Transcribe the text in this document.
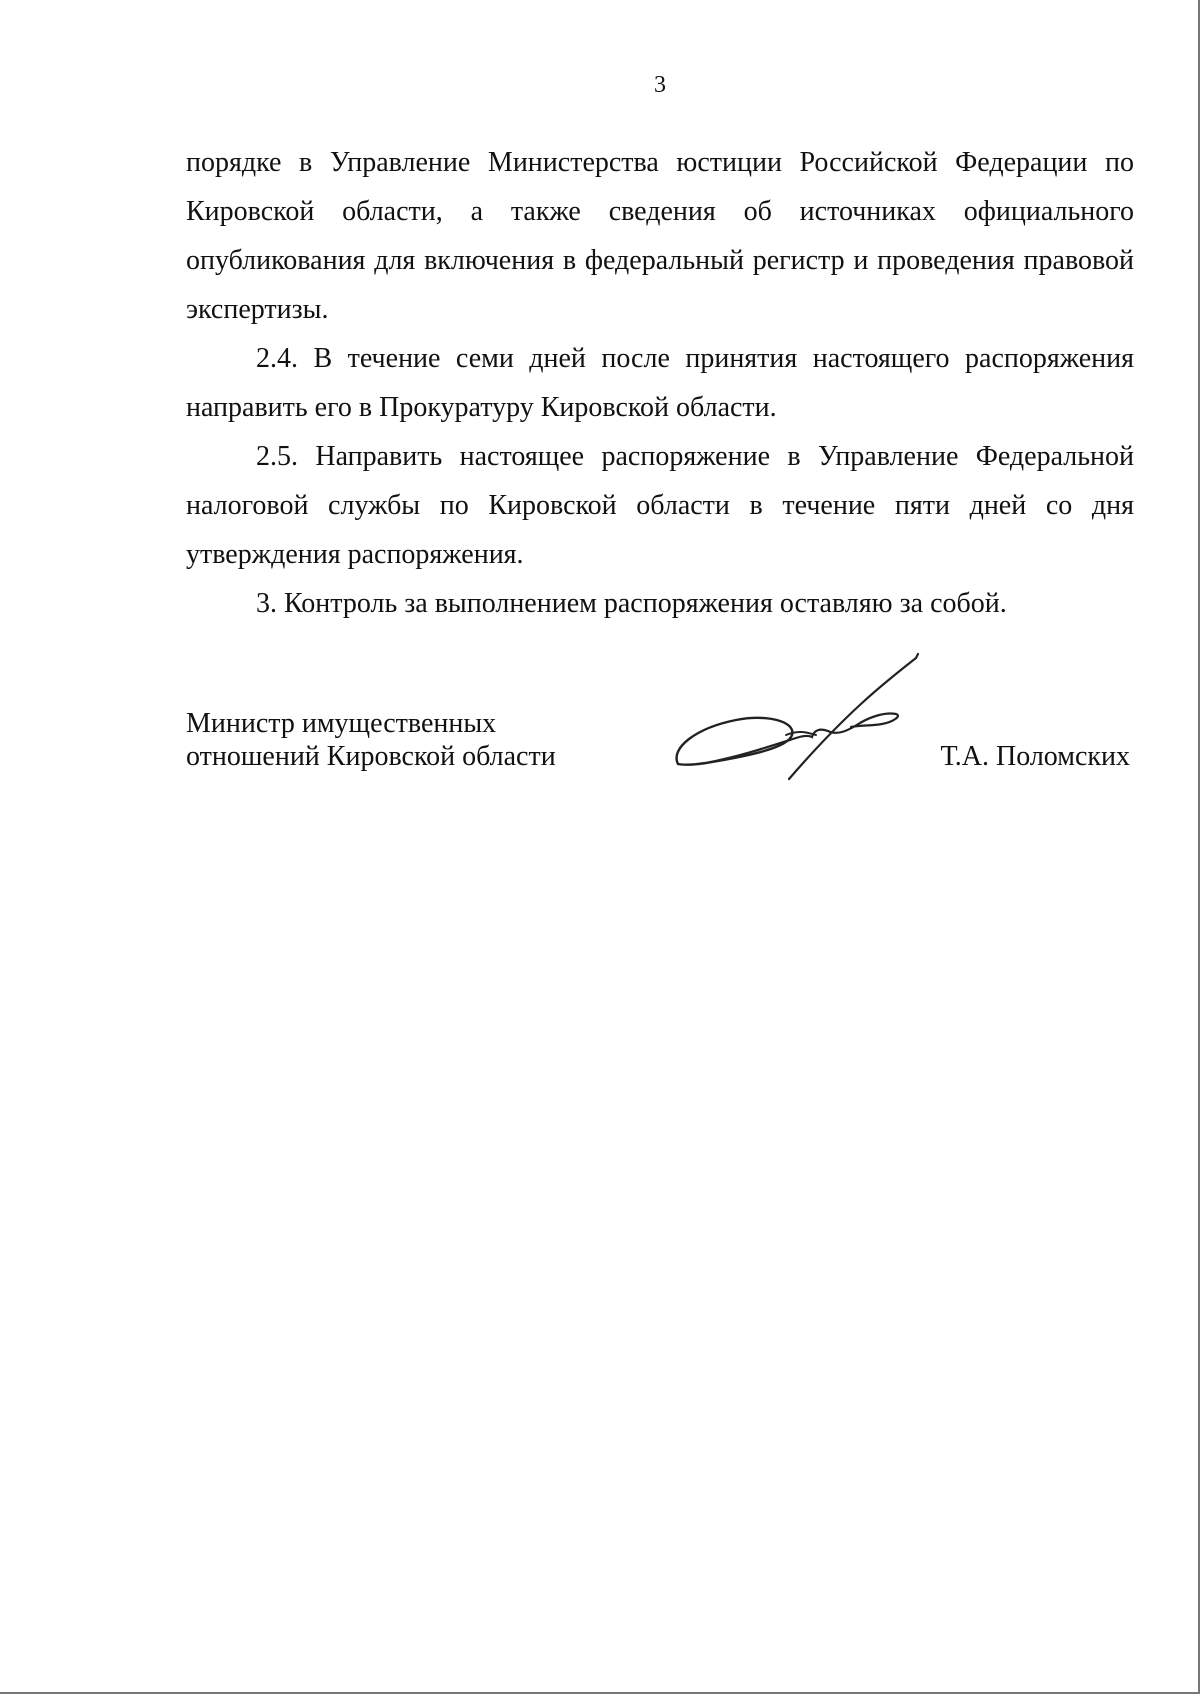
3

порядке в Управление Министерства юстиции Российской Федерации по Кировской области, а также сведения об источниках официального опубликования для включения в федеральный регистр и проведения правовой экспертизы.

2.4. В течение семи дней после принятия настоящего распоряжения направить его в Прокуратуру Кировской области.

2.5. Направить настоящее распоряжение в Управление Федеральной налоговой службы по Кировской области в течение пяти дней со дня утверждения распоряжения.

3. Контроль за выполнением распоряжения оставляю за собой.

Министр имущественных
отношений Кировской области	Т.А. Поломских
